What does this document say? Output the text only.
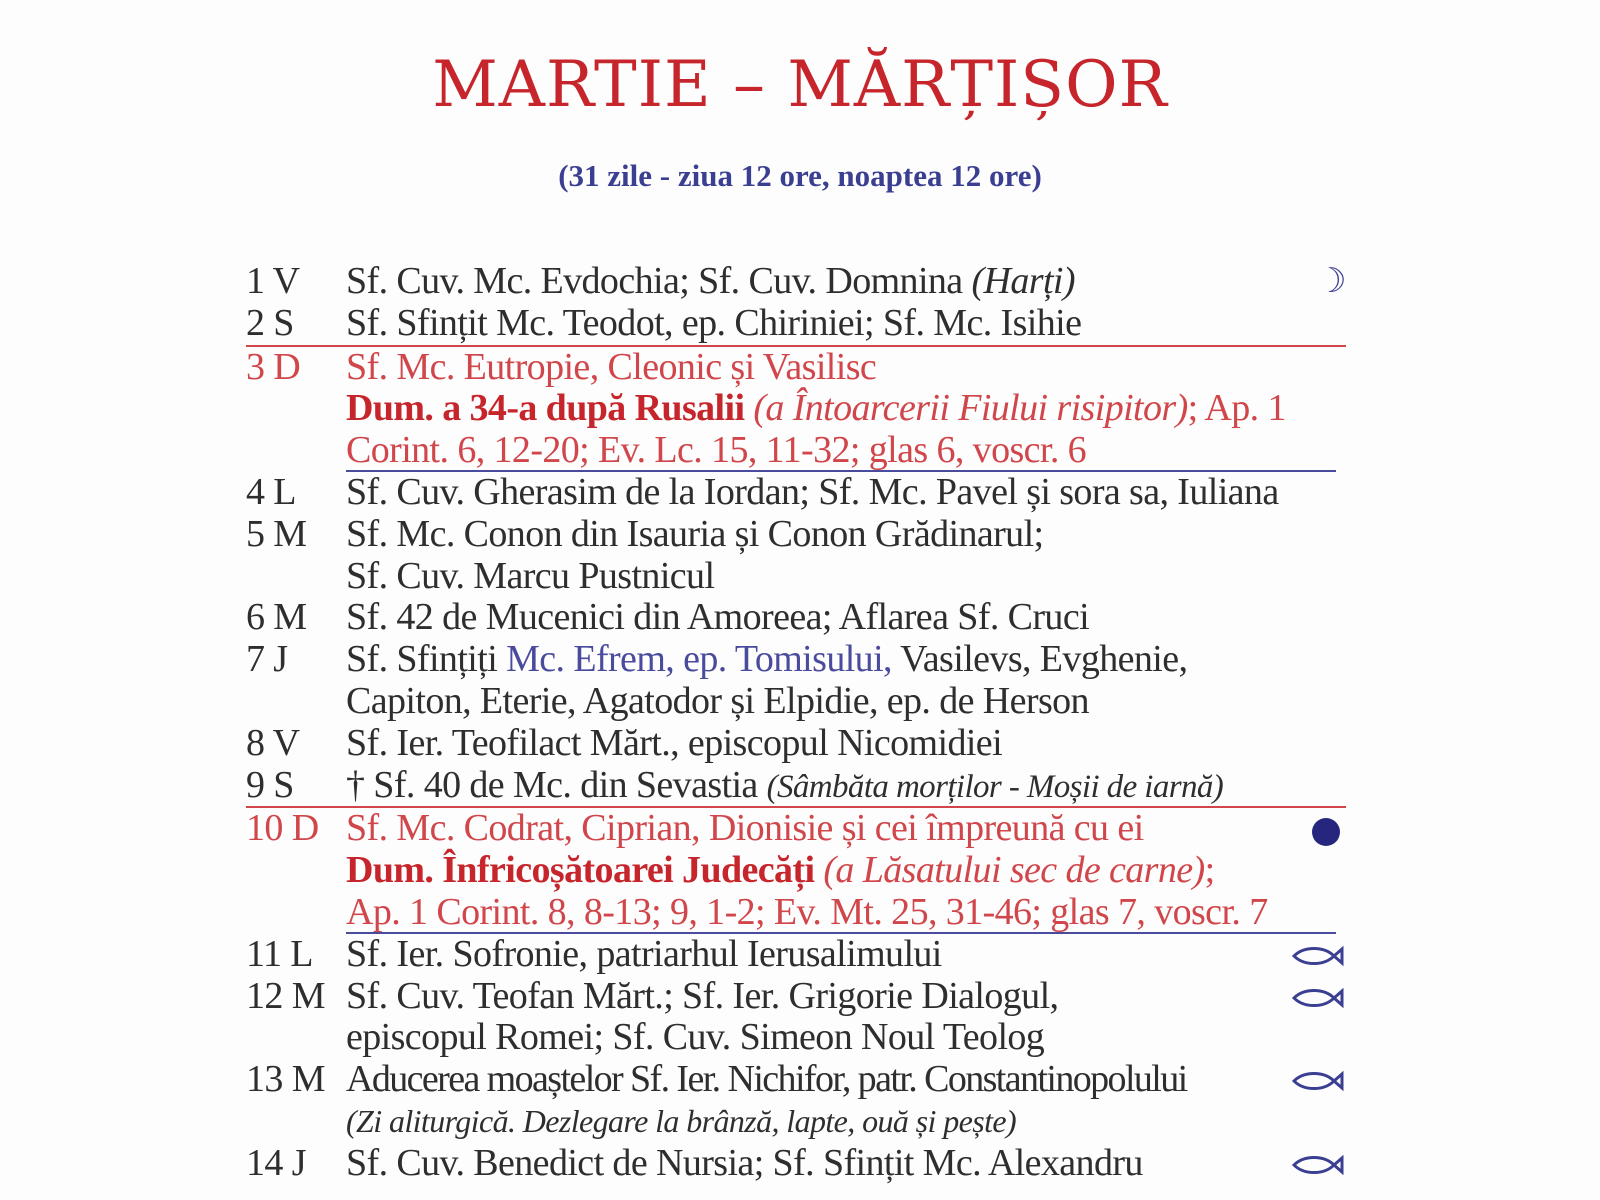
MARTIE – MĂRȚIȘOR
(31 zile - ziua 12 ore, noaptea 12 ore)
1 V	Sf. Cuv. Mc. Evdochia; Sf. Cuv. Domnina (Harți)	☽
2 S	Sf. Sfințit Mc. Teodot, ep. Chiriniei; Sf. Mc. Isihie
3 D	Sf. Mc. Eutropie, Cleonic și Vasilisc
Dum. a 34-a după Rusalii (a Întoarcerii Fiului risipitor); Ap. 1
Corint. 6, 12-20; Ev. Lc. 15, 11-32; glas 6, voscr. 6
4 L	Sf. Cuv. Gherasim de la Iordan; Sf. Mc. Pavel și sora sa, Iuliana
5 M	Sf. Mc. Conon din Isauria și Conon Grădinarul;
Sf. Cuv. Marcu Pustnicul
6 M	Sf. 42 de Mucenici din Amoreea; Aflarea Sf. Cruci
7 J	Sf. Sfințiți Mc. Efrem, ep. Tomisului, Vasilevs, Evghenie,
Capiton, Eterie, Agatodor și Elpidie, ep. de Herson
8 V	Sf. Ier. Teofilact Mărt., episcopul Nicomidiei
9 S	† Sf. 40 de Mc. din Sevastia (Sâmbăta morților - Moșii de iarnă)
10 D Sf. Mc. Codrat, Ciprian, Dionisie și cei împreună cu ei
Dum. Înfricoșătoarei Judecăți (a Lăsatului sec de carne);
Ap. 1 Corint. 8, 8-13; 9, 1-2; Ev. Mt. 25, 31-46; glas 7, voscr. 7
11 L Sf. Ier. Sofronie, patriarhul Ierusalimului
12 M Sf. Cuv. Teofan Mărt.; Sf. Ier. Grigorie Dialogul,
episcopul Romei; Sf. Cuv. Simeon Noul Teolog
13 M Aducerea moaștelor Sf. Ier. Nichifor, patr. Constantinopolului
(Zi aliturgică. Dezlegare la brânză, lapte, ouă și pește)
14 J	Sf. Cuv. Benedict de Nursia; Sf. Sfințit Mc. Alexandru
